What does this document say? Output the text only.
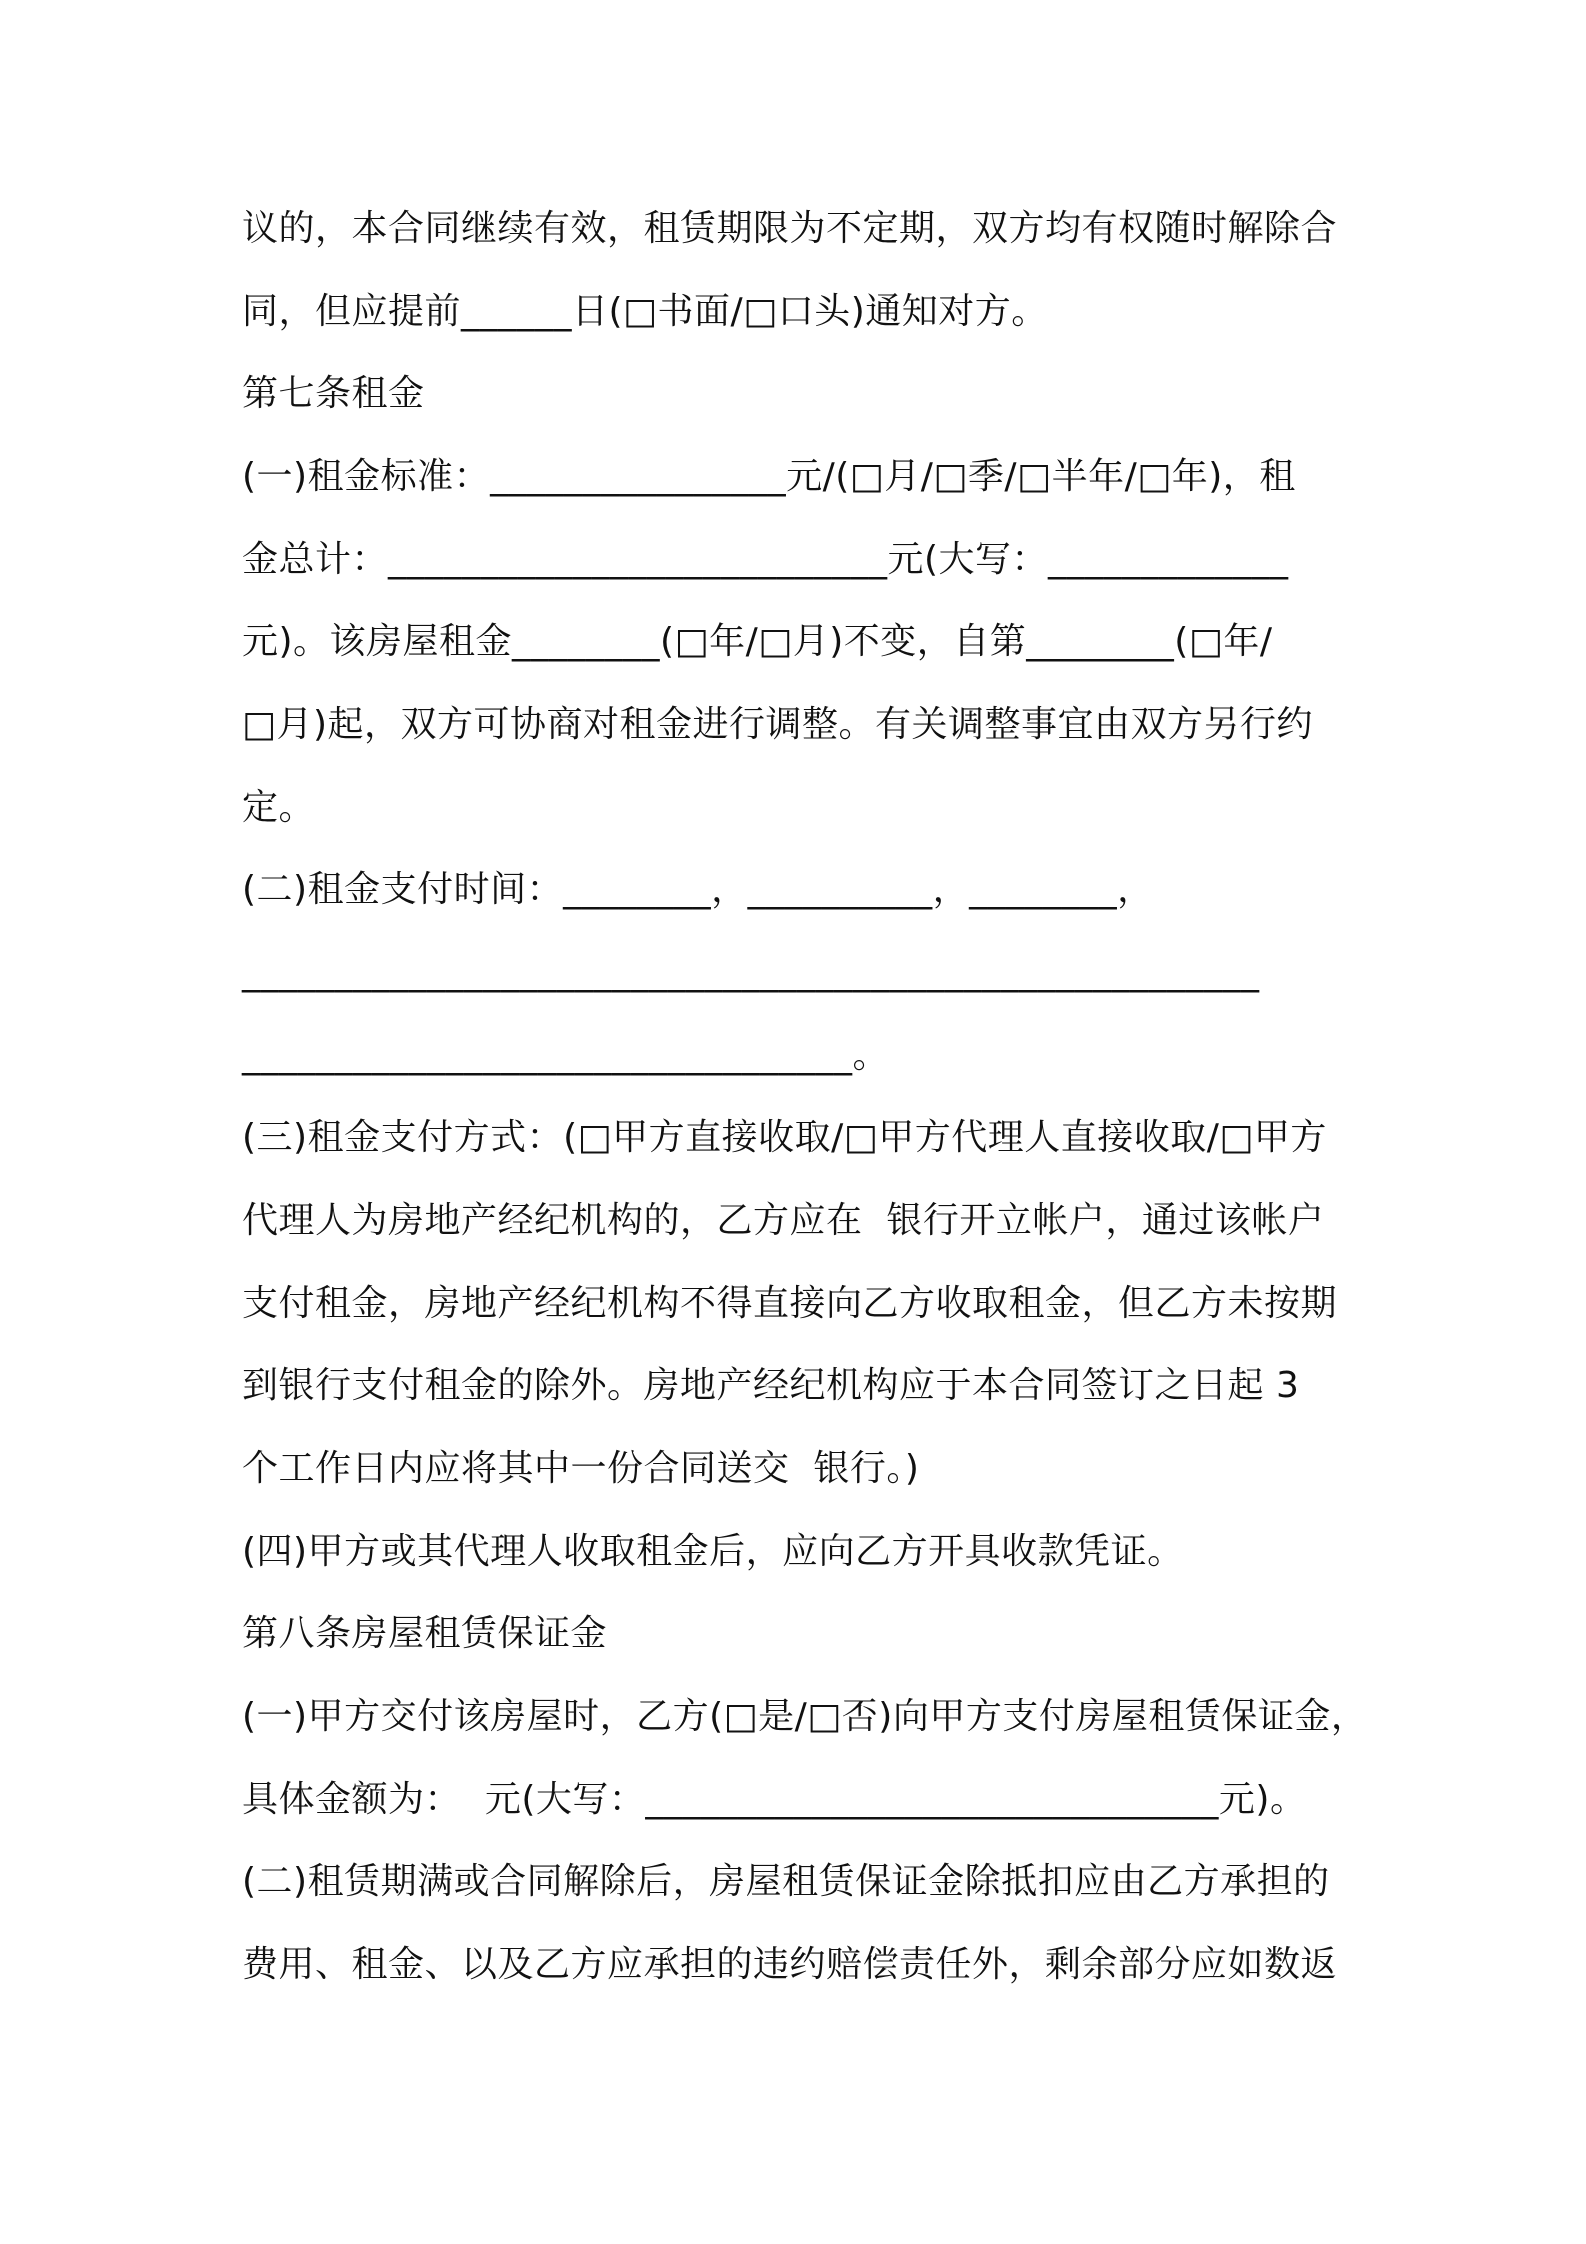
议的，本合同继续有效，租赁期限为不定期，双方均有权随时解除合
同，但应提前______日(□书面/□口头)通知对方。
第七条租金
(一)租金标准：________________元/(□月/□季/□半年/□年)，租
金总计：___________________________元(大写：_____________
元)。该房屋租金________(□年/□月)不变，自第________(□年/
□月)起，双方可协商对租金进行调整。有关调整事宜由双方另行约
定。
(二)租金支付时间：________，__________，________，
_______________________________________________________
_________________________________。
(三)租金支付方式：(□甲方直接收取/□甲方代理人直接收取/□甲方
代理人为房地产经纪机构的，乙方应在  银行开立帐户，通过该帐户
支付租金，房地产经纪机构不得直接向乙方收取租金，但乙方未按期
到银行支付租金的除外。房地产经纪机构应于本合同签订之日起 3
个工作日内应将其中一份合同送交  银行。)
(四)甲方或其代理人收取租金后，应向乙方开具收款凭证。
第八条房屋租赁保证金
(一)甲方交付该房屋时，乙方(□是/□否)向甲方支付房屋租赁保证金，
具体金额为：  元(大写：_______________________________元)。
(二)租赁期满或合同解除后，房屋租赁保证金除抵扣应由乙方承担的
费用、租金、以及乙方应承担的违约赔偿责任外，剩余部分应如数返
